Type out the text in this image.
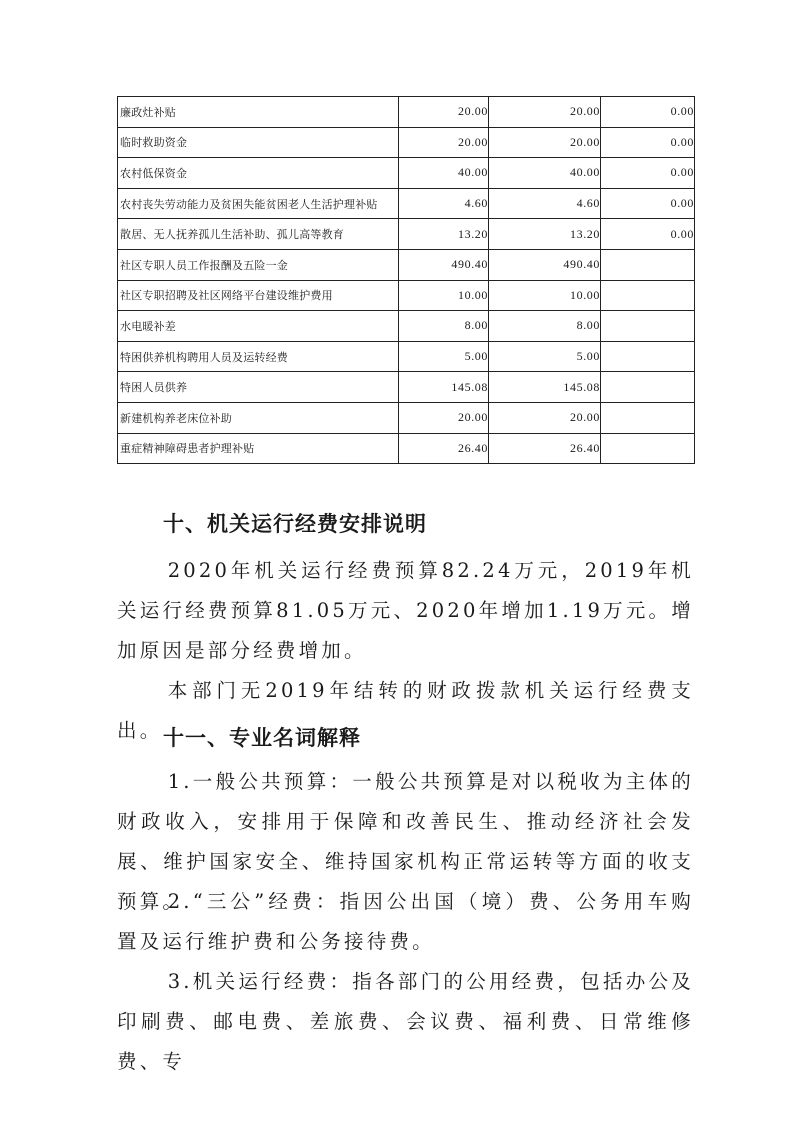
廉政灶补贴	20.00	20.00	0.00
临时救助资金	20.00	20.00	0.00
农村低保资金	40.00	40.00	0.00
农村丧失劳动能力及贫困失能贫困老人生活护理补贴	4.60	4.60	0.00
散居、无人抚养孤儿生活补助、孤儿高等教育	13.20	13.20	0.00
社区专职人员工作报酬及五险一金	490.40	490.40	
社区专职招聘及社区网络平台建设维护费用	10.00	10.00	
水电暖补差	8.00	8.00	
特困供养机构聘用人员及运转经费	5.00	5.00	
特困人员供养	145.08	145.08	
新建机构养老床位补助	20.00	20.00	
重症精神障碍患者护理补贴	26.40	26.40	
十、机关运行经费安排说明

2020年机关运行经费预算82.24万元，2019年机关运行经费预算81.05万元、2020年增加1.19万元。增加原因是部分经费增加。

本部门无2019年结转的财政拨款机关运行经费支出。 十一、专业名词解释

1.一般公共预算：一般公共预算是对以税收为主体的财政收入，安排用于保障和改善民生、推动经济社会发展、维护国家安全、维持国家机构正常运转等方面的收支预算。

2.“三公”经费：指因公出国（境）费、公务用车购置及运行维护费和公务接待费。

3.机关运行经费：指各部门的公用经费，包括办公及印刷费、邮电费、差旅费、会议费、福利费、日常维修费、专
